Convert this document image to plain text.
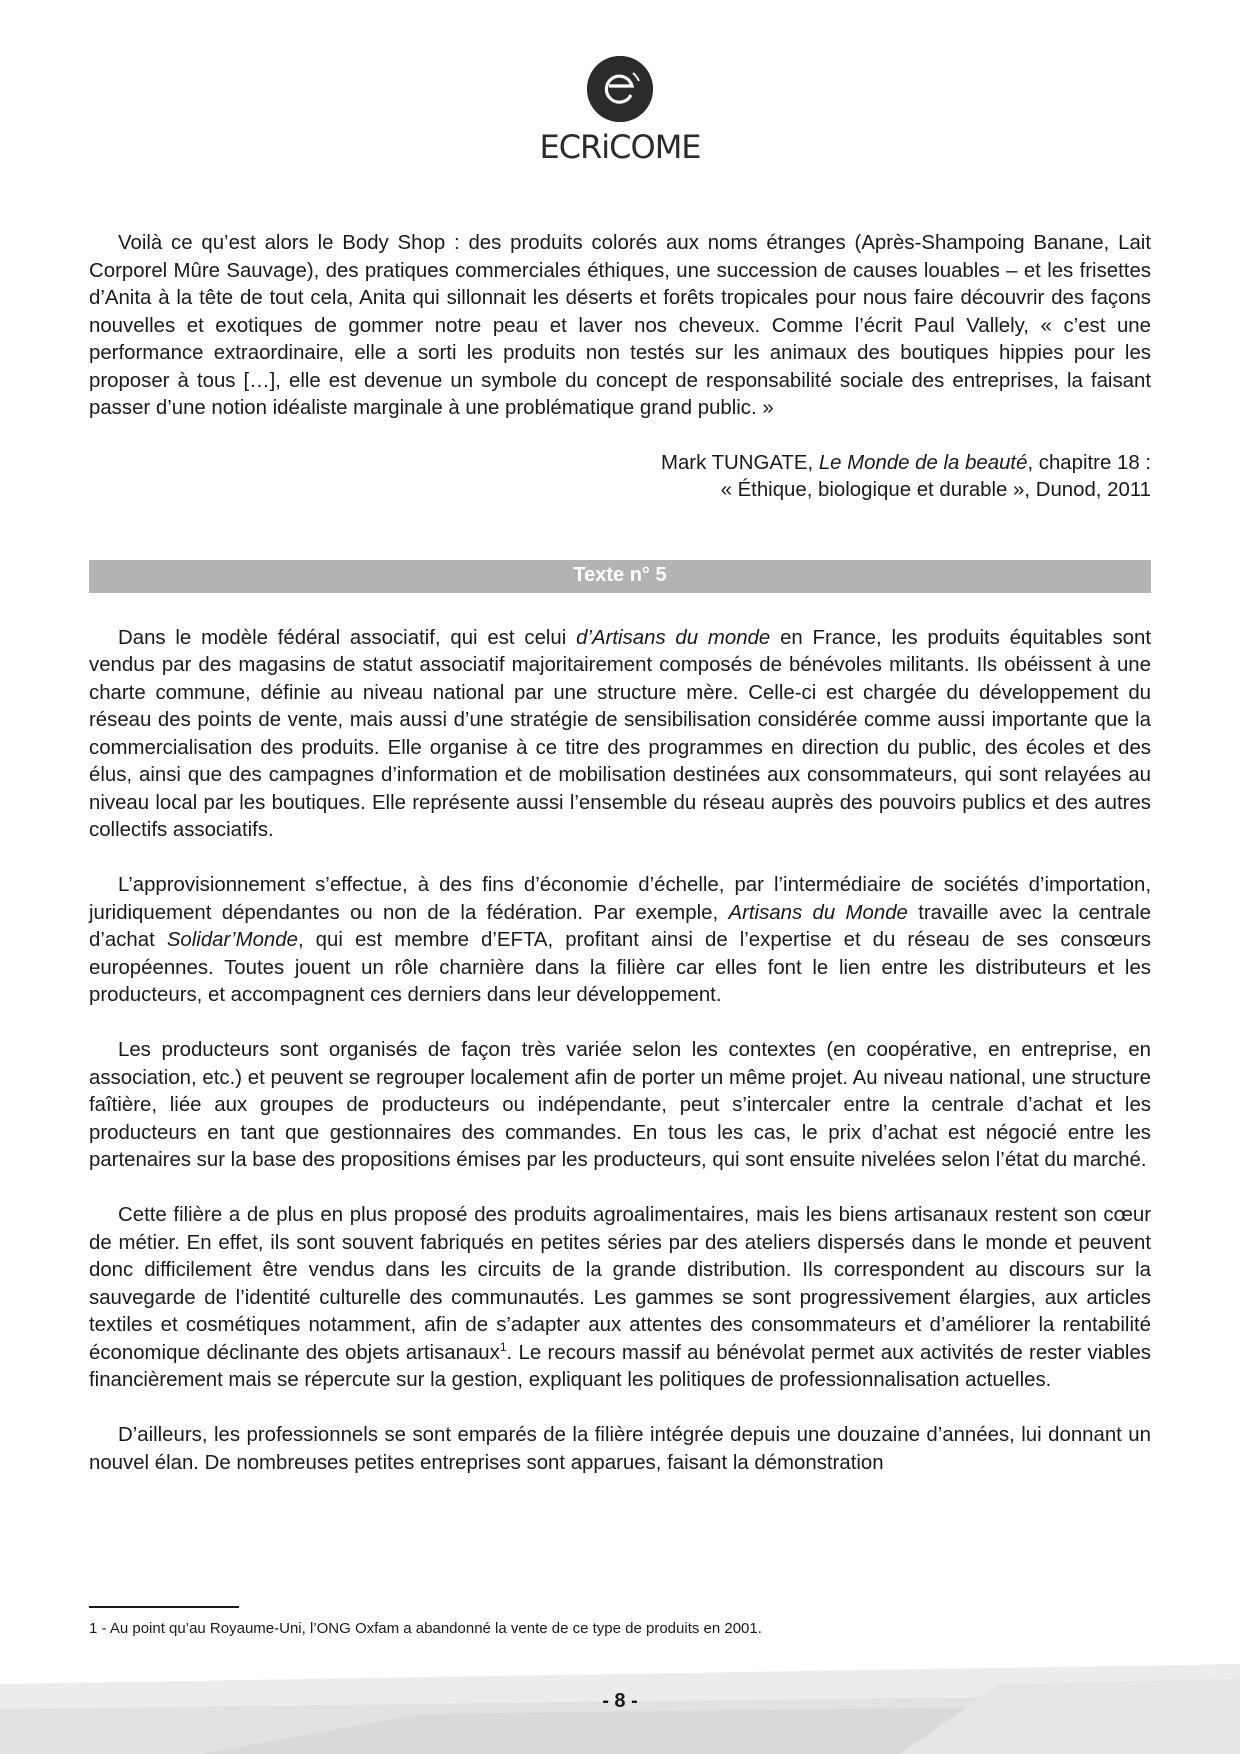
ECRiCOME

Voilà ce qu’est alors le Body Shop : des produits colorés aux noms étranges (Après-Shampoing Banane, Lait Corporel Mûre Sauvage), des pratiques commerciales éthiques, une succession de causes louables – et les frisettes d’Anita à la tête de tout cela, Anita qui sillonnait les déserts et forêts tropicales pour nous faire découvrir des façons nouvelles et exotiques de gommer notre peau et laver nos cheveux. Comme l’écrit Paul Vallely, « c’est une performance extraordinaire, elle a sorti les produits non testés sur les animaux des boutiques hippies pour les proposer à tous […], elle est devenue un symbole du concept de responsabilité sociale des entreprises, la faisant passer d’une notion idéaliste marginale à une problématique grand public. »

Mark TUNGATE, Le Monde de la beauté, chapitre 18 :
« Éthique, biologique et durable », Dunod, 2011
Texte n° 5

Dans le modèle fédéral associatif, qui est celui d’Artisans du monde en France, les produits équitables sont vendus par des magasins de statut associatif majoritairement composés de bénévoles militants. Ils obéissent à une charte commune, définie au niveau national par une structure mère. Celle-ci est chargée du développement du réseau des points de vente, mais aussi d’une stratégie de sensibilisation considérée comme aussi importante que la commercialisation des produits. Elle organise à ce titre des programmes en direction du public, des écoles et des élus, ainsi que des campagnes d’information et de mobilisation destinées aux consommateurs, qui sont relayées au niveau local par les boutiques. Elle représente aussi l’ensemble du réseau auprès des pouvoirs publics et des autres collectifs associatifs.

L’approvisionnement s’effectue, à des fins d’économie d’échelle, par l’intermédiaire de sociétés d’importation, juridiquement dépendantes ou non de la fédération. Par exemple, Artisans du Monde travaille avec la centrale d’achat Solidar’Monde, qui est membre d’EFTA, profitant ainsi de l’expertise et du réseau de ses consœurs européennes. Toutes jouent un rôle charnière dans la filière car elles font le lien entre les distributeurs et les producteurs, et accompagnent ces derniers dans leur développement.

Les producteurs sont organisés de façon très variée selon les contextes (en coopérative, en entreprise, en association, etc.) et peuvent se regrouper localement afin de porter un même projet. Au niveau national, une structure faîtière, liée aux groupes de producteurs ou indépendante, peut s’intercaler entre la centrale d’achat et les producteurs en tant que gestionnaires des commandes. En tous les cas, le prix d’achat est négocié entre les partenaires sur la base des propositions émises par les producteurs, qui sont ensuite nivelées selon l’état du marché.

Cette filière a de plus en plus proposé des produits agroalimentaires, mais les biens artisanaux restent son cœur de métier. En effet, ils sont souvent fabriqués en petites séries par des ateliers dispersés dans le monde et peuvent donc difficilement être vendus dans les circuits de la grande distribution. Ils correspondent au discours sur la sauvegarde de l’identité culturelle des communautés. Les gammes se sont progressivement élargies, aux articles textiles et cosmétiques notamment, afin de s’adapter aux attentes des consommateurs et d’améliorer la rentabilité économique déclinante des objets artisanaux$^1$. Le recours massif au bénévolat permet aux activités de rester viables financièrement mais se répercute sur la gestion, expliquant les politiques de professionnalisation actuelles.

D’ailleurs, les professionnels se sont emparés de la filière intégrée depuis une douzaine d’années, lui donnant un nouvel élan. De nombreuses petites entreprises sont apparues, faisant la démonstration

1 - Au point qu’au Royaume-Uni, l’ONG Oxfam a abandonné la vente de ce type de produits en 2001.
- 8 -
